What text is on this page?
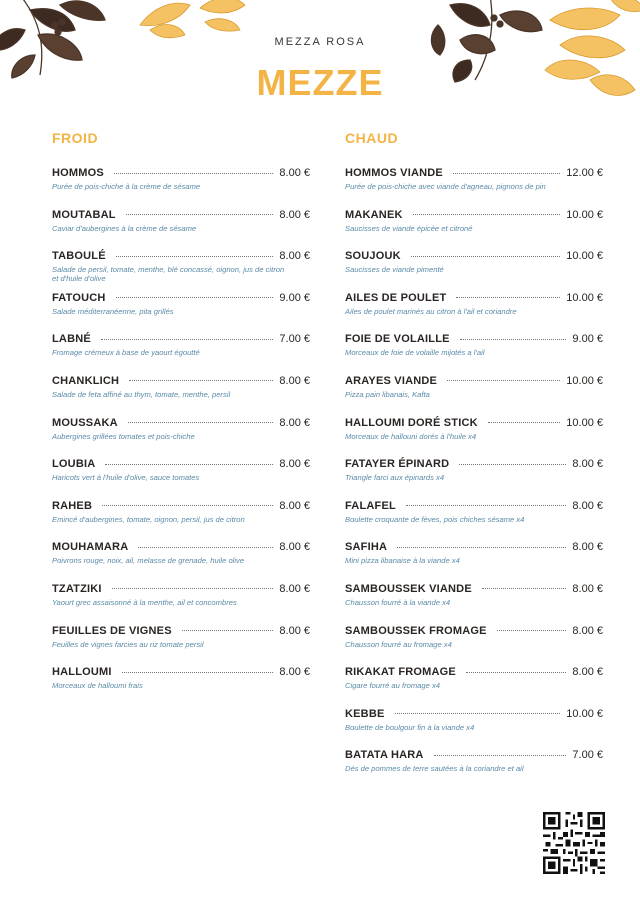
MEZZA ROSA
MEZZE
FROID
HOMMOS	8.00 €
Purée de pois-chiche à la crème de sésame
MOUTABAL	8.00 €
Caviar d'aubergines à la crème de sésame
TABOULÉ	8.00 €
Salade de persil, tomate, menthe, blé concassé, oignon, jus de citron et d'huile d'olive
FATOUCH	9.00 €
Salade méditerranéenne, pita grillés
LABNÉ	7.00 €
Fromage crémeux à base de yaourt égoutté
CHANKLICH	8.00 €
Salade de feta affiné au thym, tomate, menthe, persil
MOUSSAKA	8.00 €
Aubergines grillées tomates et pois-chiche
LOUBIA	8.00 €
Haricots vert à l'huile d'olive, sauce tomates
RAHEB	8.00 €
Emincé d'aubergines, tomate, oignon, persil, jus de citron
MOUHAMARA	8.00 €
Poivrons rouge, noix, ail, melasse de grenade, huile olive
TZATZIKI	8.00 €
Yaourt grec assaisonné à la menthe, ail et concombres
FEUILLES DE VIGNES	8.00 €
Feuilles de vignes farcies au riz tomate persil
HALLOUMI	8.00 €
Morceaux de halloumi frais
CHAUD
HOMMOS VIANDE	12.00 €
Purée de pois-chiche avec viande d'agneau, pignons de pin
MAKANEK	10.00 €
Saucisses de viande épicée et citroné
SOUJOUK	10.00 €
Saucisses de viande pimenté
AILES DE POULET	10.00 €
Ailes de poulet marinés au citron à l'ail et coriandre
FOIE DE VOLAILLE	9.00 €
Morceaux de foie de volaille mijotés a l'ail
ARAYES VIANDE	10.00 €
Pizza pain libanais, Kafta
HALLOUMI DORÉ STICK	10.00 €
Morceaux de hallouni dorés à l'huile x4
FATAYER ÉPINARD	8.00 €
Triangle farci aux épinards x4
FALAFEL	8.00 €
Boulette croquante de fèves, pois chiches sésame x4
SAFIHA	8.00 €
Mini pizza libanaise à la viande x4
SAMBOUSSEK VIANDE	8.00 €
Chausson fourré à la viande x4
SAMBOUSSEK FROMAGE	8.00 €
Chausson fourré au fromage x4
RIKAKAT FROMAGE	8.00 €
Cigare fourré au fromage x4
KEBBE	10.00 €
Boulette de boulgour fin à la viande x4
BATATA HARA	7.00 €
Dés de pommes de terre sautées à la coriandre et ail
